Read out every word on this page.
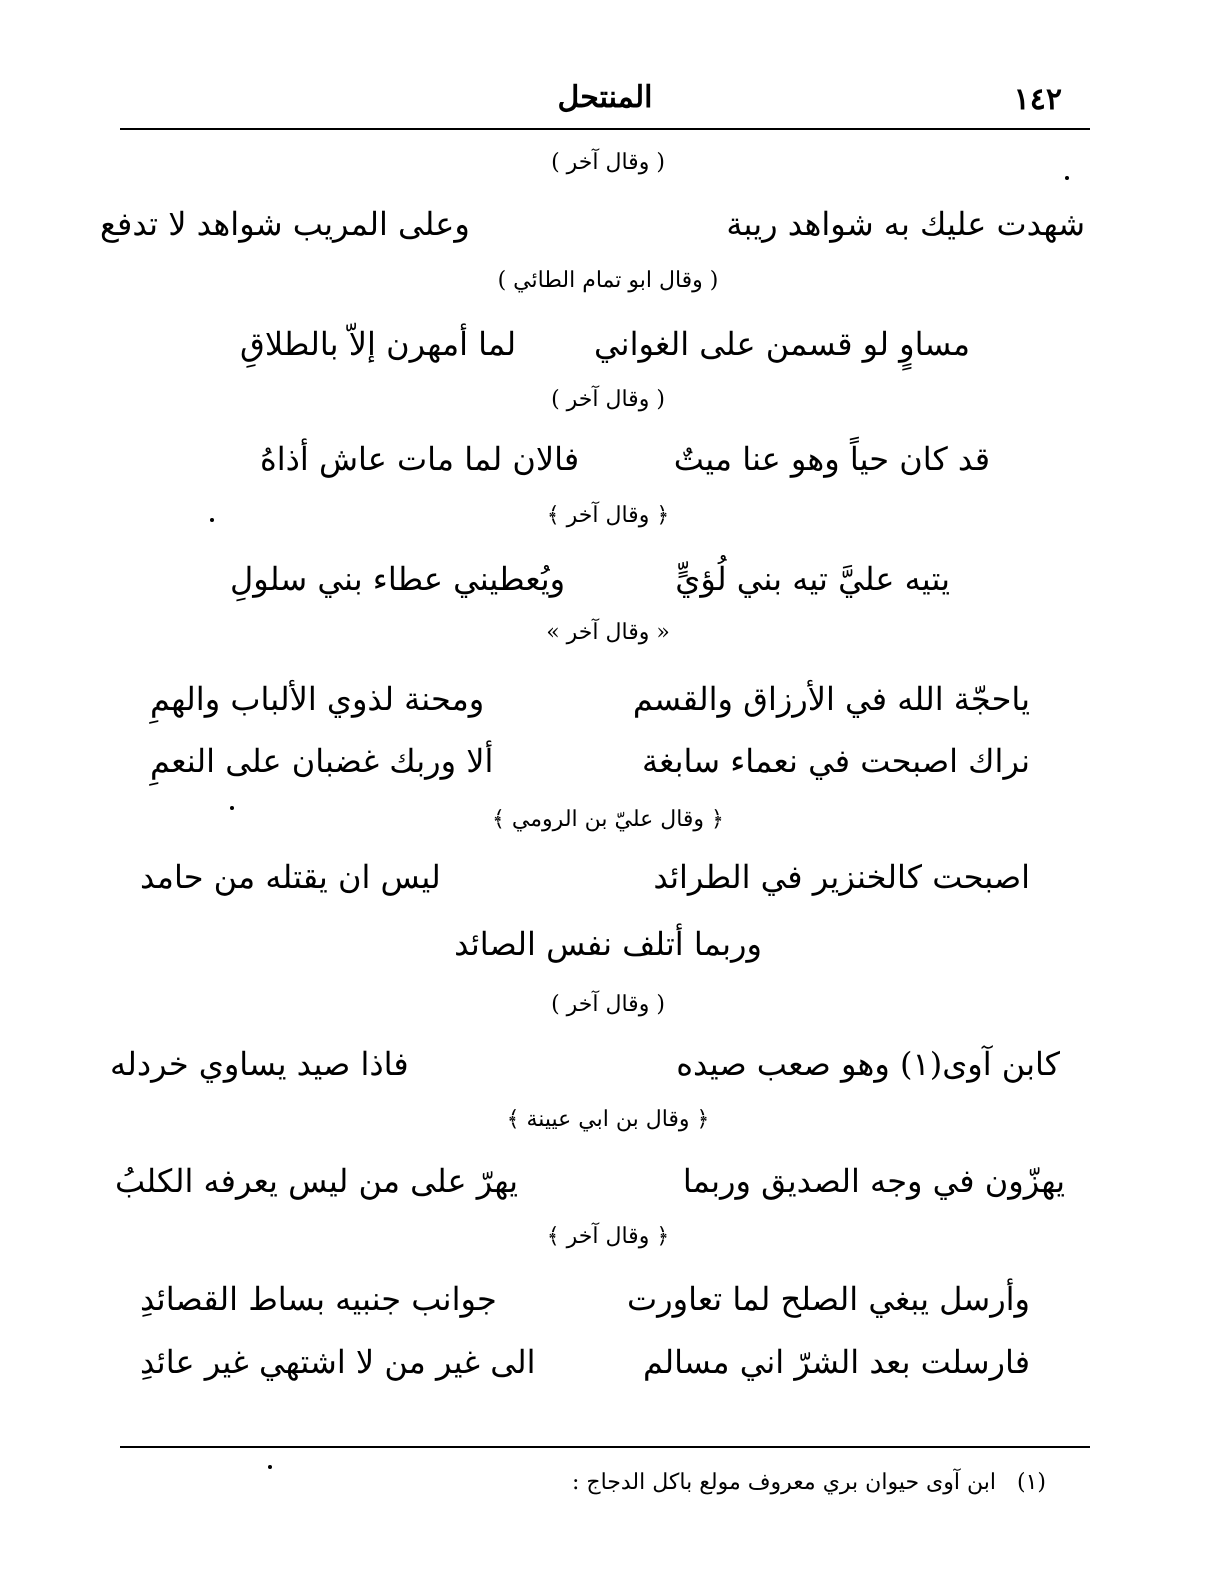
١٤٢
المنتحل
( وقال آخر )
شهدت عليك به شواهد ريبة
وعلى المريب شواهد لا تدفع
( وقال ابو تمام الطائي )
مساوٍ لو قسمن على الغواني
لما أمهرن إلاّ بالطلاقِ
( وقال آخر )
قد كان حياً وهو عنا ميتٌ
فالان لما مات عاش أذاهُ
﴿ وقال آخر ﴾
يتيه عليَّ تيه بني لُؤيٍّ
ويُعطيني عطاء بني سلولِ
« وقال آخر »
ياحجّة الله في الأرزاق والقسم
ومحنة لذوي الألباب والهمِ
نراك اصبحت في نعماء سابغة
ألا وربك غضبان على النعمِ
﴿ وقال عليّ بن الرومي ﴾
اصبحت كالخنزير في الطرائد
ليس ان يقتله من حامد
وربما أتلف نفس الصائد
( وقال آخر )
كابن آوى(١) وهو صعب صيده
فاذا صيد يساوي خردله
﴿ وقال بن ابي عيينة ﴾
يهزّون في وجه الصديق وربما
يهرّ على من ليس يعرفه الكلبُ
﴿ وقال آخر ﴾
وأرسل يبغي الصلح لما تعاورت
جوانب جنبيه بساط القصائدِ
فارسلت بعد الشرّ اني مسالم
الى غير من لا اشتهي غير عائدِ
(١) ابن آوى حيوان بري معروف مولع باكل الدجاج :
